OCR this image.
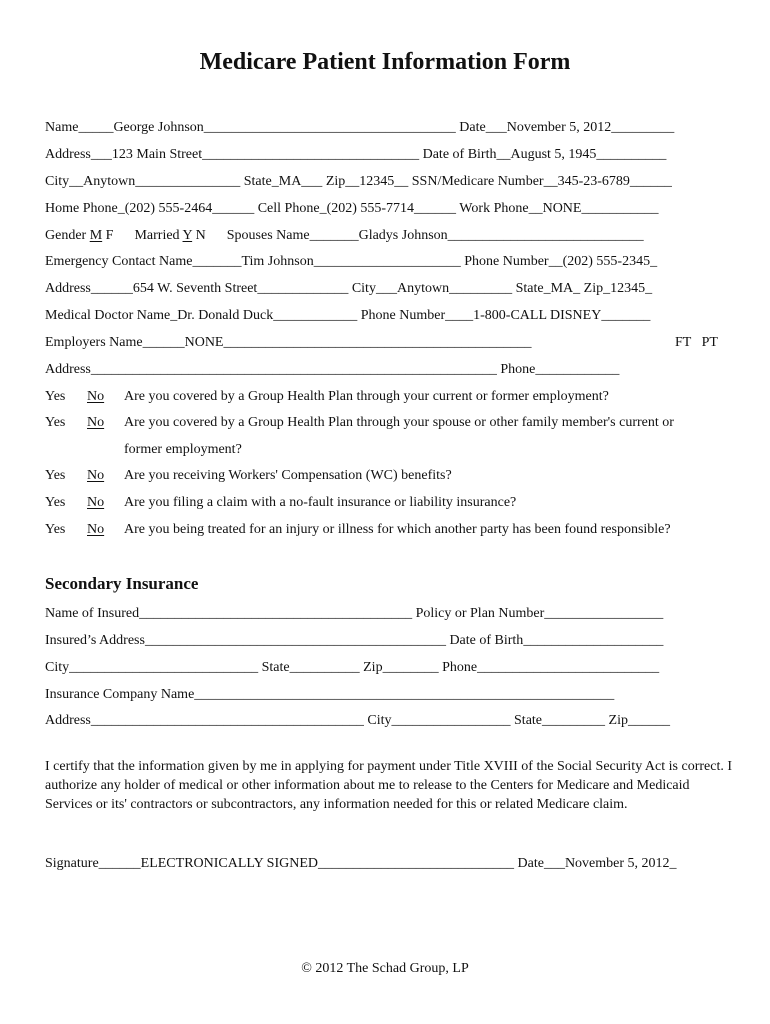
Medicare Patient Information Form
Name_____George Johnson____________________________________ Date___November 5, 2012_________
Address___123 Main Street_______________________________ Date of Birth__August 5, 1945__________
City__Anytown_______________ State_MA___ Zip__12345__ SSN/Medicare Number__345-23-6789______
Home Phone_(202) 555-2464______ Cell Phone_(202) 555-7714______ Work Phone__NONE___________
Gender M F      Married Y N      Spouses Name_______Gladys Johnson____________________________
Emergency Contact Name_______Tim Johnson_____________________ Phone Number__(202) 555-2345_
Address______654 W. Seventh Street_____________ City___Anytown_________ State_MA_ Zip_12345_
Medical Doctor Name_Dr. Donald Duck____________ Phone Number____1-800-CALL DISNEY_______
Employers Name______NONE____________________________________________	FT   PT
Address__________________________________________________________ Phone____________
Yes No Are you covered by a Group Health Plan through your current or former employment?
Yes No Are you covered by a Group Health Plan through your spouse or other family member's current or
former employment?
Yes No Are you receiving Workers' Compensation (WC) benefits?
Yes No Are you filing a claim with a no-fault insurance or liability insurance?
Yes No Are you being treated for an injury or illness for which another party has been found responsible?
Secondary Insurance
Name of Insured_______________________________________ Policy or Plan Number_________________
Insured’s Address___________________________________________ Date of Birth____________________
City___________________________ State__________ Zip________ Phone__________________________
Insurance Company Name____________________________________________________________
Address_______________________________________ City_________________ State_________ Zip______
I certify that the information given by me in applying for payment under Title XVIII of the Social Security Act is correct. I authorize any holder of medical or other information about me to release to the Centers for Medicare and Medicaid Services or its' contractors or subcontractors, any information needed for this or related Medicare claim.
Signature______ELECTRONICALLY SIGNED____________________________ Date___November 5, 2012_
© 2012 The Schad Group, LP
